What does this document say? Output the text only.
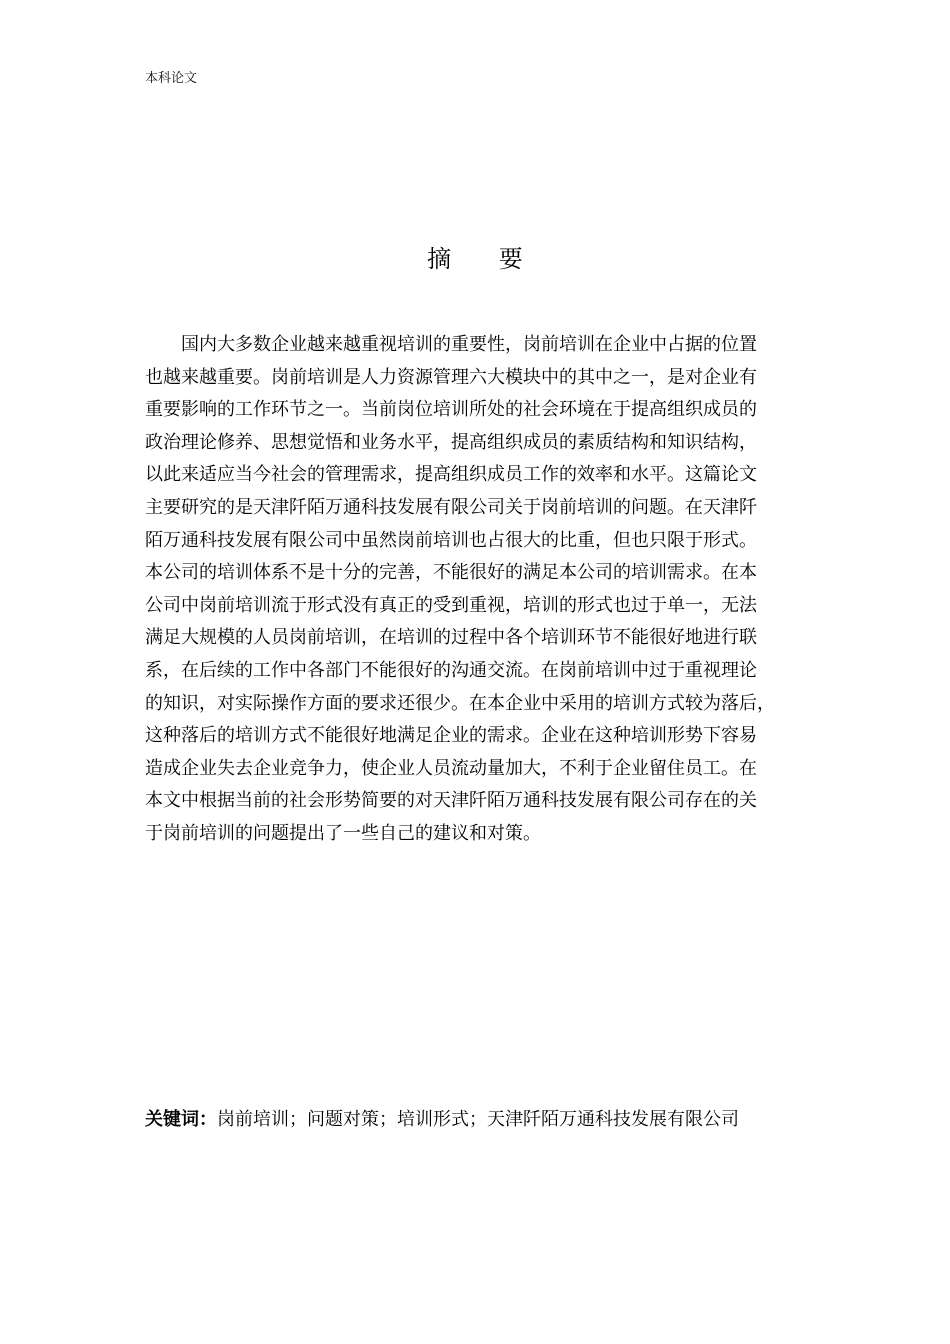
本科论文
摘 要
国内大多数企业越来越重视培训的重要性，岗前培训在企业中占据的位置
也越来越重要。岗前培训是人力资源管理六大模块中的其中之一，是对企业有
重要影响的工作环节之一。当前岗位培训所处的社会环境在于提高组织成员的
政治理论修养、思想觉悟和业务水平，提高组织成员的素质结构和知识结构，
以此来适应当今社会的管理需求，提高组织成员工作的效率和水平。这篇论文
主要研究的是天津阡陌万通科技发展有限公司关于岗前培训的问题。在天津阡
陌万通科技发展有限公司中虽然岗前培训也占很大的比重，但也只限于形式。
本公司的培训体系不是十分的完善，不能很好的满足本公司的培训需求。在本
公司中岗前培训流于形式没有真正的受到重视，培训的形式也过于单一，无法
满足大规模的人员岗前培训，在培训的过程中各个培训环节不能很好地进行联
系，在后续的工作中各部门不能很好的沟通交流。在岗前培训中过于重视理论
的知识，对实际操作方面的要求还很少。在本企业中采用的培训方式较为落后，
这种落后的培训方式不能很好地满足企业的需求。企业在这种培训形势下容易
造成企业失去企业竞争力，使企业人员流动量加大，不利于企业留住员工。在
本文中根据当前的社会形势简要的对天津阡陌万通科技发展有限公司存在的关
于岗前培训的问题提出了一些自己的建议和对策。
关键词：岗前培训；问题对策；培训形式；天津阡陌万通科技发展有限公司
